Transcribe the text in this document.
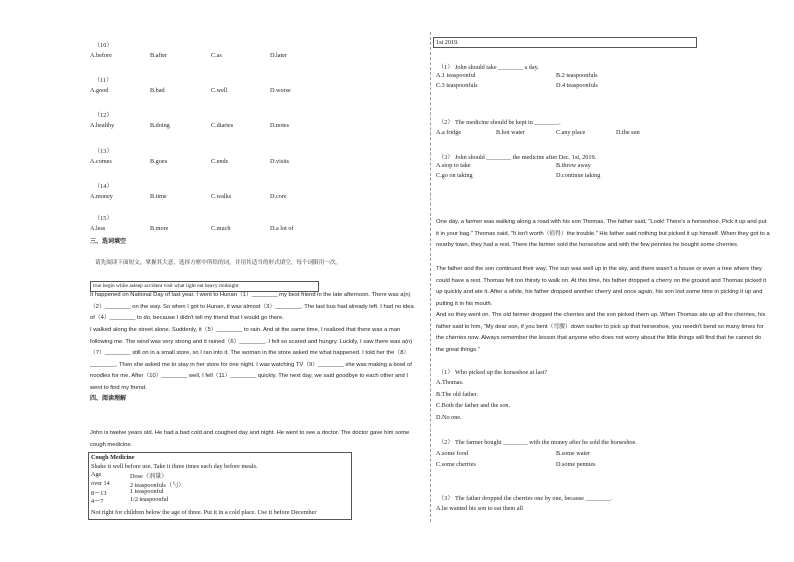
（10）
A.before	B.after	C.as	D.later
（11）
A.good	B.bad	C.well	D.worse
（12）
A.healthy	B.doing	C.diaries	D.notes
（13）
A.comes	B.goes	C.ends	D.visits
（14）
A.money	B.time	C.walks	D.core
（15）
A.less	B.more	C.much	D.a lot of
三、选词填空
请先阅读下面短文，掌握其大意，选择方框中所给的词，并用其适当的形式填空，每个词限用一次。
true begin while asleep accident visit what light eat heavy midnight
It happened on National Day of last year. I went to Hunan（1）________ my best friend in the late afternoon. There was a(n)（2）________ on the way. So when I got to Hunan, it was almost（3）________. The last bus had already left. I had no idea of（4）________ to do, because I didn't tell my friend that I would go there.
I walked along the street alone. Suddenly, it（5）________ to rain. And at the same time, I realized that there was a man following me. The wind was very strong and it rained（6）________. I felt so scared and hungry. Luckily, I saw there was a(n)（7）________ still on in a small store, so I ran into it. The woman in the store asked me what happened. I told her the（8）________. Then she asked me to stay in her store for one night. I was watching TV（9）________ she was making a bowl of noodles for me. After（10）________ well, I fell（11）________ quickly. The next day, we said goodbye to each other and I went to find my friend.
四、阅读理解
John is twelve years old. He had a bad cold and coughed day and night. He went to see a doctor. The doctor gave him some cough medicine.
Cough Medicine
Shake it well before use. Take it three times each day before meals.
Age	Dose（剂量）
over 14	2 teaspoonfuls（勺）
8～13	1 teaspoonful
4～7	1/2 teaspoonful
Not right for children below the age of three. Put it in a cold place. Use it before December
1st 2019.
（1） John should take ________ a day.
A.1 teaspoonful	B.2 teaspoonfuls
C.3 teaspoonfuls	D.4 teaspoonfuls
（2） The medicine should be kept in ________.
A.a fridge	B.hot water	C.any place	D.the sun
（3） John should ________ the medicine after Dec. 1st, 2019.
A.stop to take	B.throw away
C.go on taking	D.continue taking
One day, a farmer was walking along a road with his son Thomas. The father said, "Look! There's a horseshoe. Pick it up and put it in your bag." Thomas said, "It isn't worth（值得）the trouble." His father said nothing but picked it up himself. When they got to a nearby town, they had a rest. There the farmer sold the horseshoe and with the few pennies he bought some cherries.
The father and the son continued their way. The sun was well up in the sky, and there wasn't a house or even a tree where they could have a rest. Thomas felt too thirsty to walk on. At this time, his father dropped a cherry on the ground and Thomas picked it up quickly and ate it. After a while, his father dropped another cherry and once again, his son lost some time in picking it up and putting it in his mouth.
And so they went on. The old farmer dropped the cherries and the son picked them up. When Thomas ate up all the cherries, his father said to him, "My dear son, if you bent（弯腰）down earlier to pick up that horseshoe, you needn't bend so many times for the cherries now. Always remember the lesson that anyone who does not worry about the little things will find that he cannot do the great things."
（1） Who picked up the horseshoe at last?
A.Thomas.
B.The old father.
C.Both the father and the son.
D.No one.
（2） The farmer bought ________ with the money after he sold the horseshoe.
A.some food	B.some water
C.some cherries	D.some pennies
（3） The father dropped the cherries one by one, because ________.
A.he wanted his son to eat them all
